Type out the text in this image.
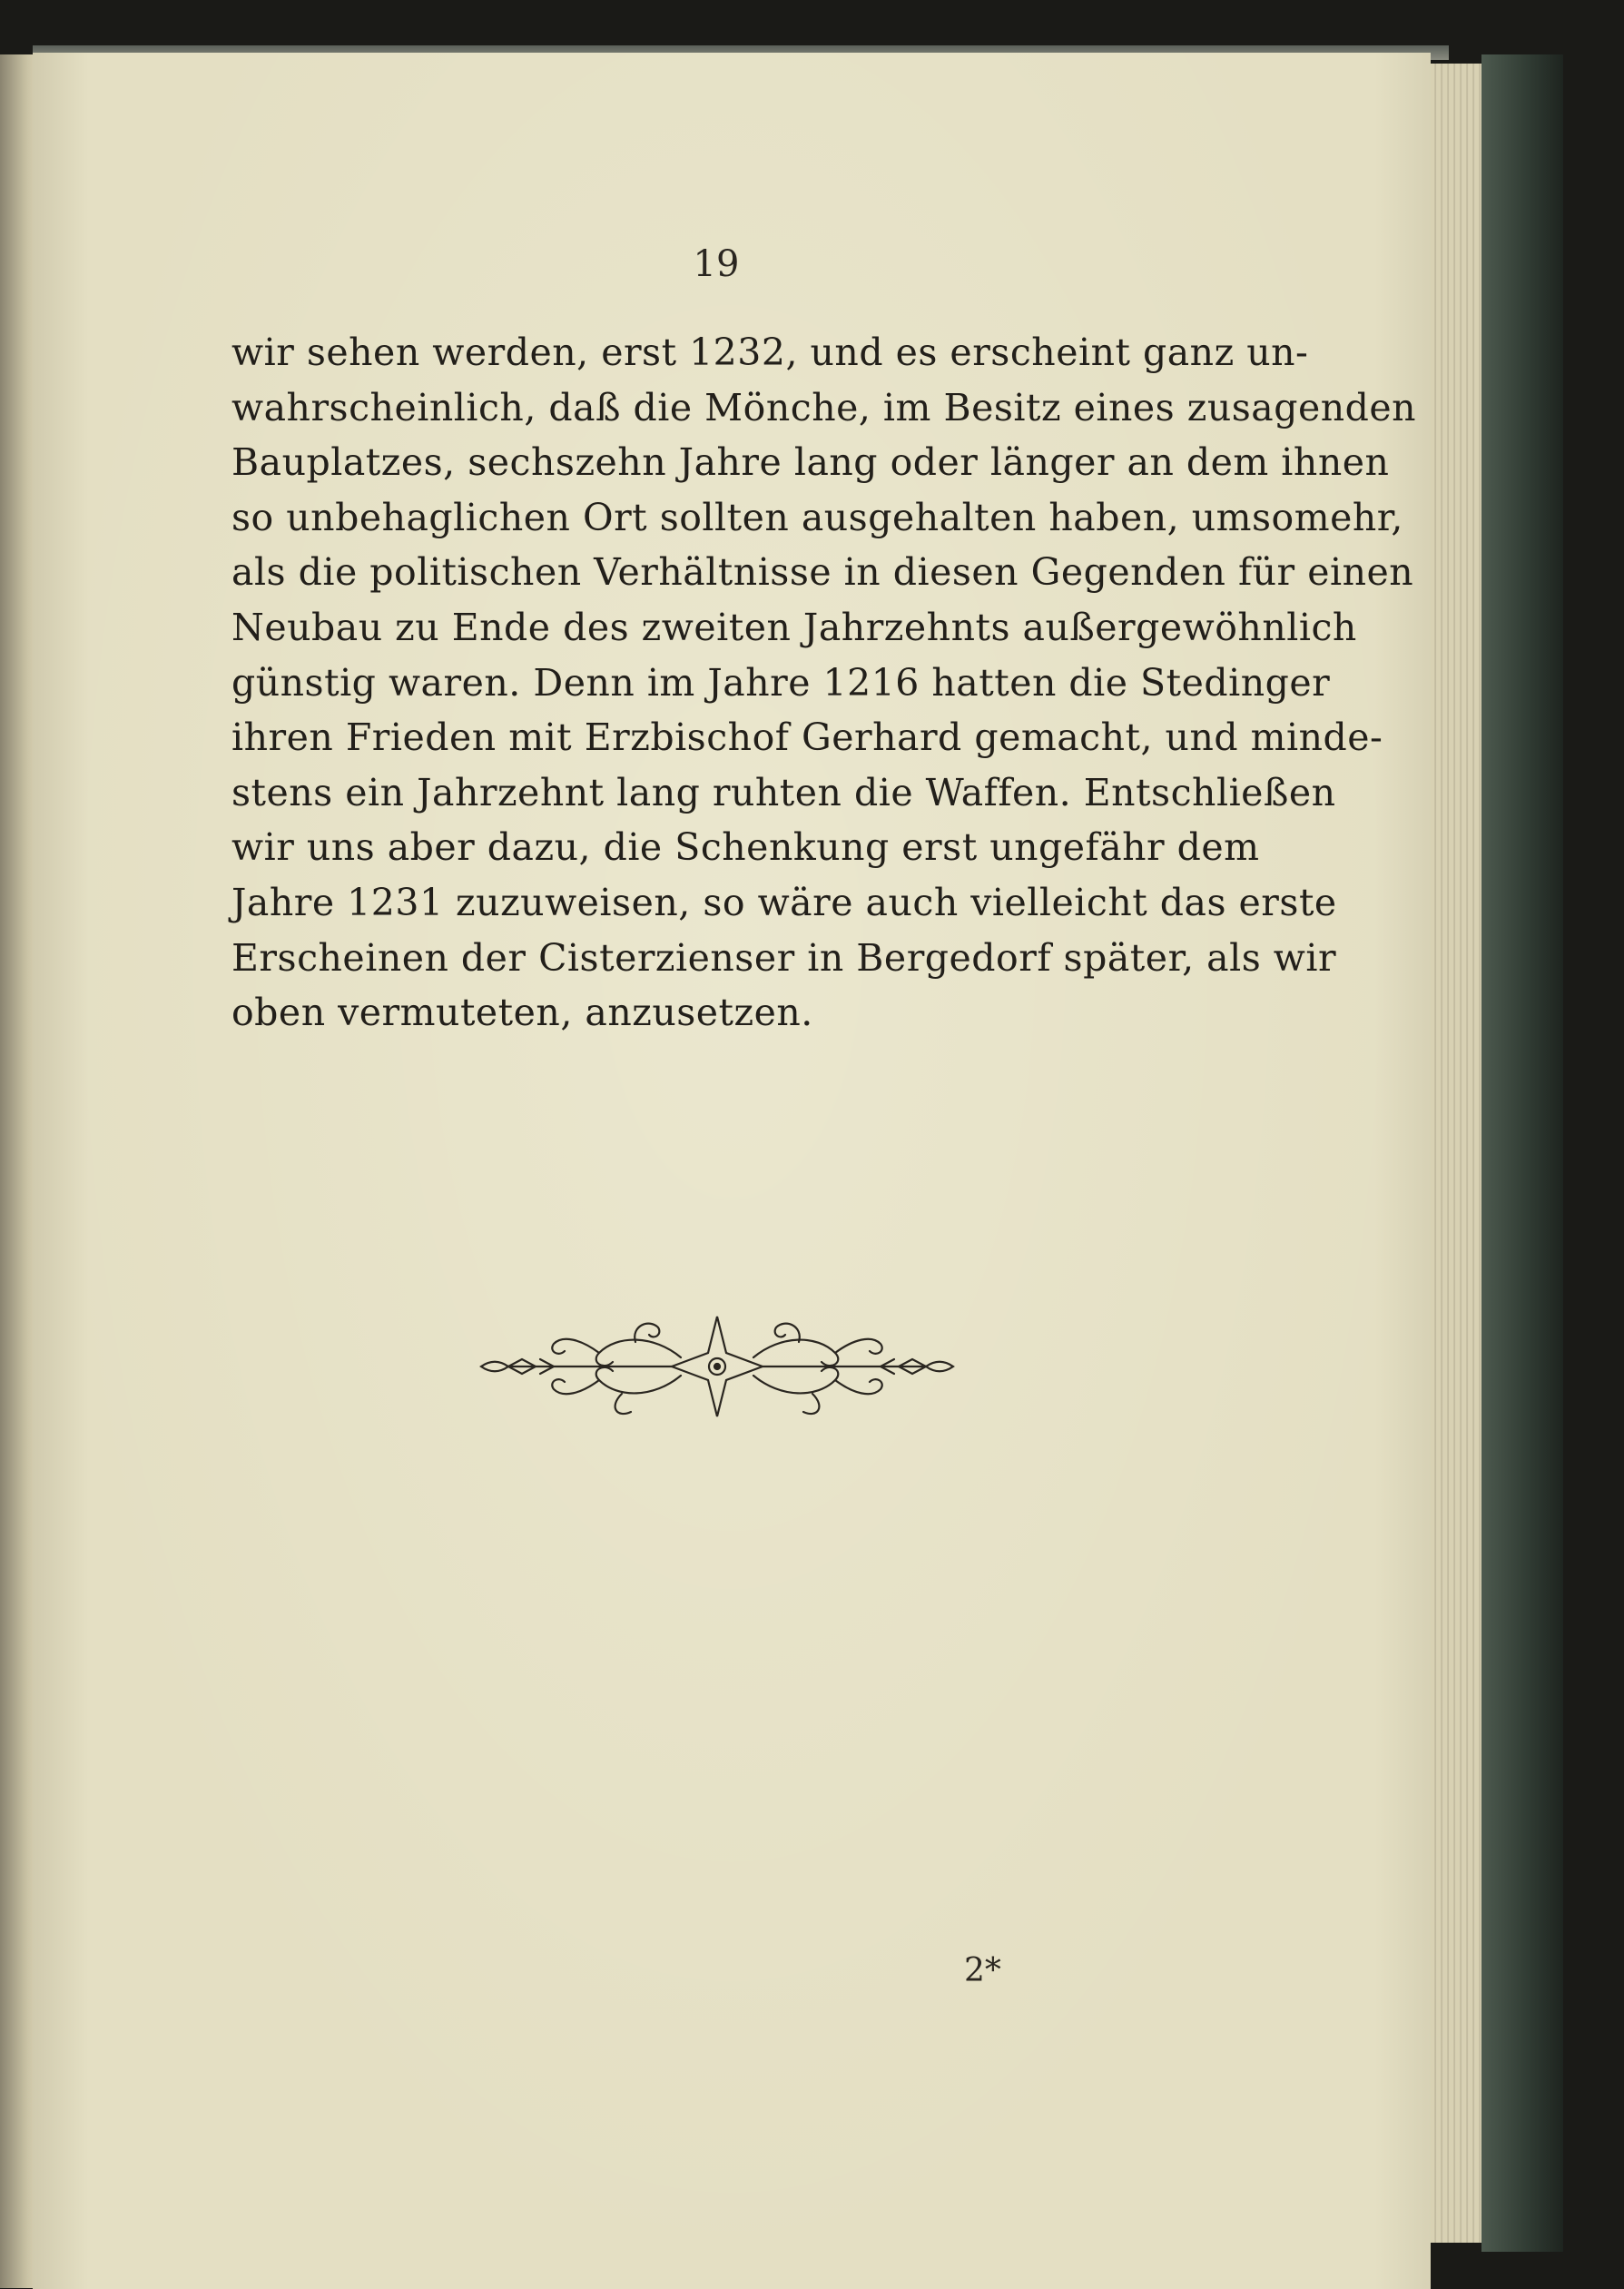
19
wir sehen werden, erst 1232, und es erscheint ganz un-
wahrscheinlich, daß die Mönche, im Besitz eines zusagenden
Bauplatzes, sechszehn Jahre lang oder länger an dem ihnen
so unbehaglichen Ort sollten ausgehalten haben, umsomehr,
als die politischen Verhältnisse in diesen Gegenden für einen
Neubau zu Ende des zweiten Jahrzehnts außergewöhnlich
günstig waren. Denn im Jahre 1216 hatten die Stedinger
ihren Frieden mit Erzbischof Gerhard gemacht, und minde-
stens ein Jahrzehnt lang ruhten die Waffen. Entschließen
wir uns aber dazu, die Schenkung erst ungefähr dem
Jahre 1231 zuzuweisen, so wäre auch vielleicht das erste
Erscheinen der Cisterzienser in Bergedorf später, als wir
oben vermuteten, anzusetzen.
2*
